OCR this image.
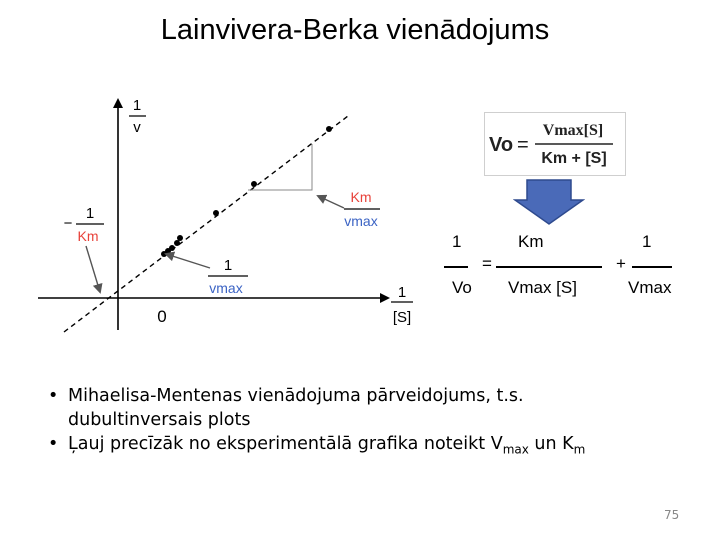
Lainvivera-Berka vienādojums
1
v
1
[S]
0
−
1
Km
1
vmax
Km
vmax
Vo =
Vmax[S]
Km + [S]
1
Vo
=
Km
Vmax [S]
+
1
Vmax
• Mihaelisa-Mentenas vienādojuma pārveidojums, t.s.
dubultinversais plots
• Ļauj precīzāk no eksperimentālā grafika noteikt $V_{max}$ un $K_m$
75
